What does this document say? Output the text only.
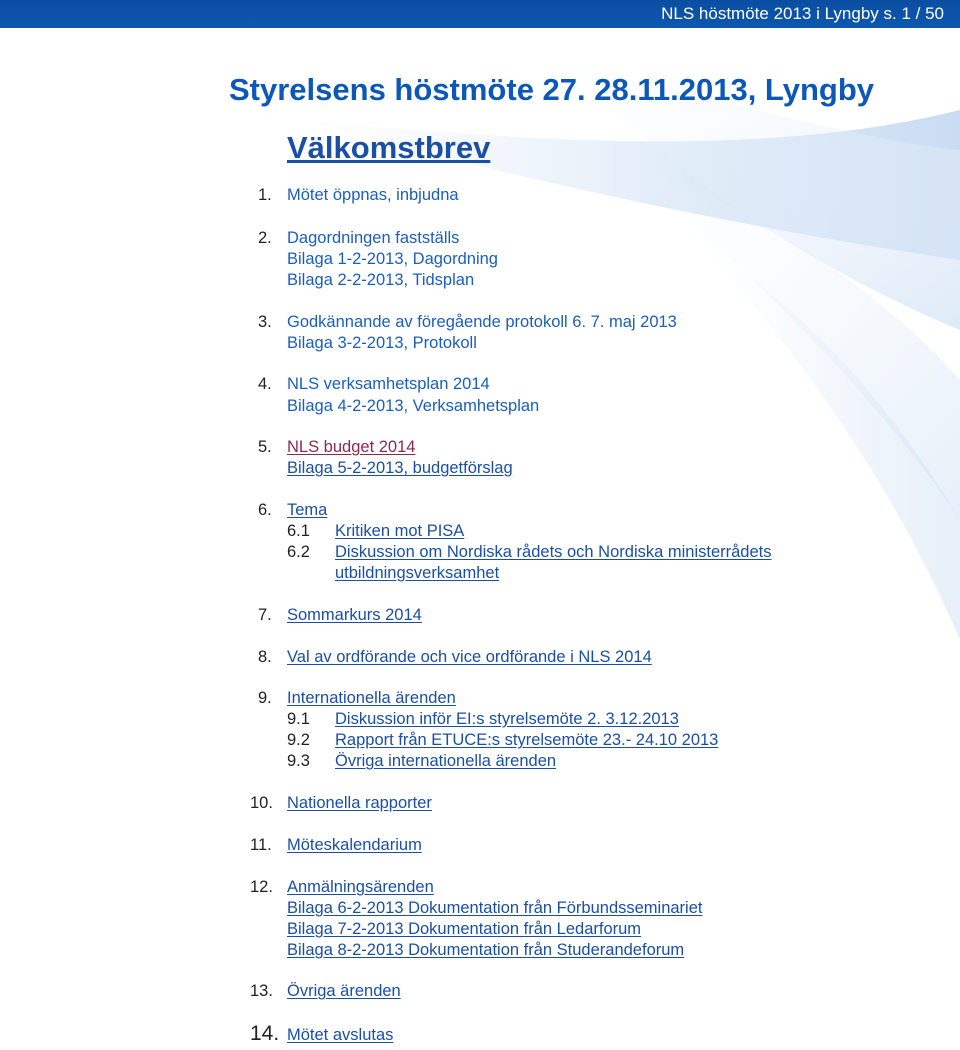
NLS höstmöte 2013 i Lyngby s. 1 / 50
Styrelsens höstmöte 27. 28.11.2013, Lyngby
Välkomstbrev
1. Mötet öppnas, inbjudna
2. Dagordningen fastställs
Bilaga 1-2-2013, Dagordning
Bilaga 2-2-2013, Tidsplan
3. Godkännande av föregående protokoll 6. 7. maj 2013
Bilaga 3-2-2013, Protokoll
4. NLS verksamhetsplan 2014
Bilaga 4-2-2013, Verksamhetsplan
5. NLS budget 2014
Bilaga 5-2-2013, budgetförslag
6. Tema
6.1 Kritiken mot PISA
6.2 Diskussion om Nordiska rådets och Nordiska ministerrådets
utbildningsverksamhet
7. Sommarkurs 2014
8. Val av ordförande och vice ordförande i NLS 2014
9. Internationella ärenden
9.1 Diskussion inför EI:s styrelsemöte 2. 3.12.2013
9.2 Rapport från ETUCE:s styrelsemöte 23.- 24.10 2013
9.3 Övriga internationella ärenden
10. Nationella rapporter
11. Möteskalendarium
12. Anmälningsärenden
Bilaga 6-2-2013 Dokumentation från Förbundsseminariet
Bilaga 7-2-2013 Dokumentation från Ledarforum
Bilaga 8-2-2013 Dokumentation från Studerandeforum
13. Övriga ärenden
14. Mötet avslutas
